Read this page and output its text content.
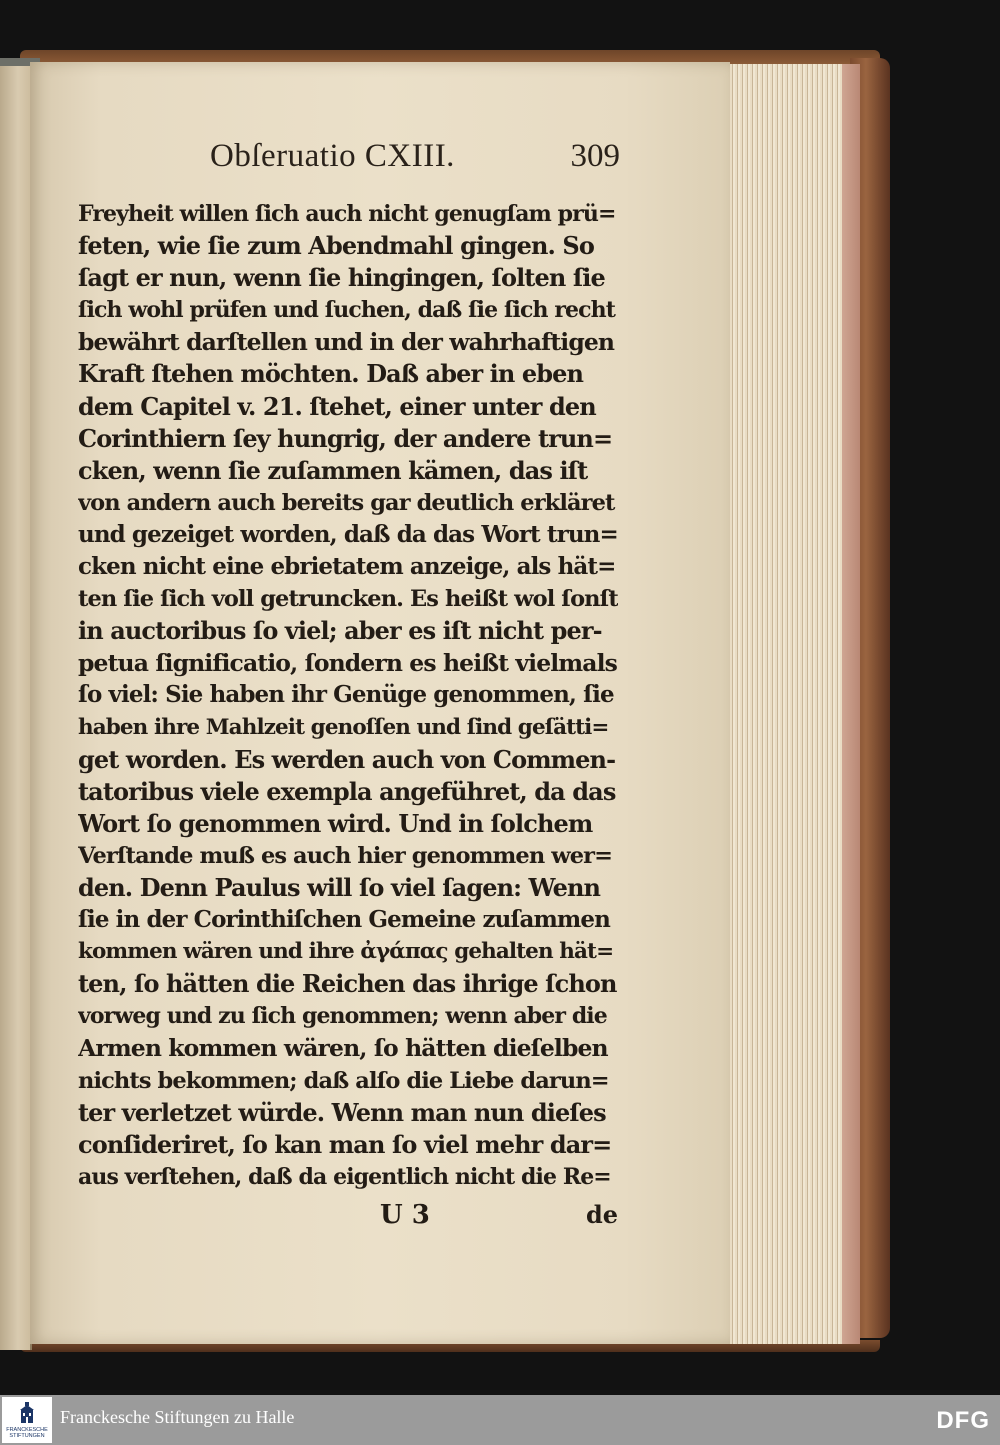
Obſeruatio CXIII.	309
Freyheit willen ſich auch nicht genugſam prü=
feten, wie ſie zum Abendmahl gingen. So
ſagt er nun, wenn ſie hingingen, ſolten ſie
ſich wohl prüfen und ſuchen, daß ſie ſich recht
bewährt darſtellen und in der wahrhaftigen
Kraft ſtehen möchten. Daß aber in eben
dem Capitel v. 21. ſtehet, einer unter den
Corinthiern ſey hungrig, der andere trun=
cken, wenn ſie zuſammen kämen, das iſt
von andern auch bereits gar deutlich erkläret
und gezeiget worden, daß da das Wort trun=
cken nicht eine ebrietatem anzeige, als hät=
ten ſie ſich voll getruncken. Es heißt wol ſonſt
in auctoribus ſo viel; aber es iſt nicht per-
petua ſignificatio, ſondern es heißt vielmals
ſo viel: Sie haben ihr Genüge genommen, ſie
haben ihre Mahlzeit genoſſen und ſind geſätti=
get worden. Es werden auch von Commen-
tatoribus viele exempla angeführet, da das
Wort ſo genommen wird. Und in ſolchem
Verſtande muß es auch hier genommen wer=
den. Denn Paulus will ſo viel ſagen: Wenn
ſie in der Corinthiſchen Gemeine zuſammen
kommen wären und ihre ἀγάπας gehalten hät=
ten, ſo hätten die Reichen das ihrige ſchon
vorweg und zu ſich genommen; wenn aber die
Armen kommen wären, ſo hätten dieſelben
nichts bekommen; daß alſo die Liebe darun=
ter verletzet würde. Wenn man nun dieſes
conſideriret, ſo kan man ſo viel mehr dar=
aus verſtehen, daß da eigentlich nicht die Re=
U 3	de
FRANCKESCHE
STIFTUNGEN
Franckesche Stiftungen zu Halle	DFG
